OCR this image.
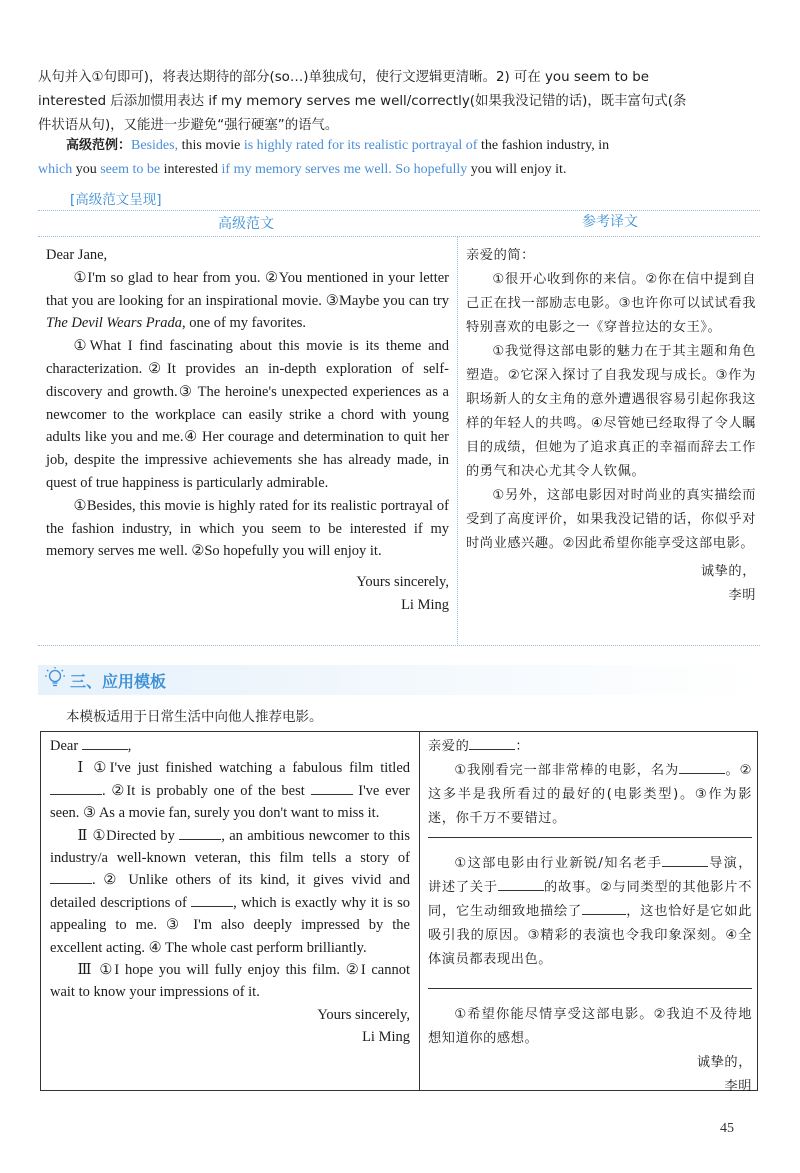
从句并入①句即可)，将表达期待的部分(so…)单独成句，使行文逻辑更清晰。2) 可在 you seem to be
interested 后添加惯用表达 if my memory serves me well/correctly(如果我没记错的话)，既丰富句式(条
件状语从句)，又能进一步避免“强行硬塞”的语气。
高级范例：Besides, this movie is highly rated for its realistic portrayal of the fashion industry, in
which you seem to be interested if my memory serves me well. So hopefully you will enjoy it.
[高级范文呈现]
高级范文	参考译文

Dear Jane,

①I'm so glad to hear from you. ②You mentioned in your letter that you are looking for an inspirational movie. ③Maybe you can try The Devil Wears Prada, one of my favorites.

①What I find fascinating about this movie is its theme and characterization.②It provides an in-depth exploration of self-discovery and growth.③ The heroine's unexpected experiences as a newcomer to the workplace can easily strike a chord with young adults like you and me.④ Her courage and determination to quit her job, despite the impressive achievements she has already made, in quest of true happiness is particularly admirable.

①Besides, this movie is highly rated for its realistic portrayal of the fashion industry, in which you seem to be interested if my memory serves me well. ②So hopefully you will enjoy it.

Yours sincerely,
Li Ming

亲爱的简：

①很开心收到你的来信。②你在信中提到自己正在找一部励志电影。③也许你可以试试看我特别喜欢的电影之一《穿普拉达的女王》。

①我觉得这部电影的魅力在于其主题和角色塑造。②它深入探讨了自我发现与成长。③作为职场新人的女主角的意外遭遇很容易引起你我这样的年轻人的共鸣。④尽管她已经取得了令人瞩目的成绩，但她为了追求真正的幸福而辞去工作的勇气和决心尤其令人钦佩。

①另外，这部电影因对时尚业的真实描绘而受到了高度评价，如果我没记错的话，你似乎对时尚业感兴趣。②因此希望你能享受这部电影。

诚挚的，
李明
三、应用模板
本模板适用于日常生活中向他人推荐电影。

Dear	,

Ⅰ ①I've just finished watching a fabulous film titled . ②It is probably one of the best	I've ever seen. ③ As a movie fan, surely you don't want to miss it.

Ⅱ ①Directed by	, an ambitious newcomer to this industry/a well-known veteran, this film tells a story of . ② Unlike others of its kind, it gives vivid and detailed descriptions of	, which is exactly why it is so appealing to me. ③ I'm also deeply impressed by the excellent acting. ④ The whole cast perform brilliantly.

Ⅲ ①I hope you will fully enjoy this film. ②I cannot wait to know your impressions of it.

Yours sincerely,
Li Ming

亲爱的	：

①我刚看完一部非常棒的电影，名为	。②这多半是我所看过的最好的(电影类型)。③作为影迷，你千万不要错过。

①这部电影由行业新锐/知名老手	导演，讲述了关于	的故事。②与同类型的其他影片不同，它生动细致地描绘了	，这也恰好是它如此吸引我的原因。③精彩的表演也令我印象深刻。④全体演员都表现出色。

①希望你能尽情享受这部电影。②我迫不及待地想知道你的感想。

诚挚的，
李明
45
